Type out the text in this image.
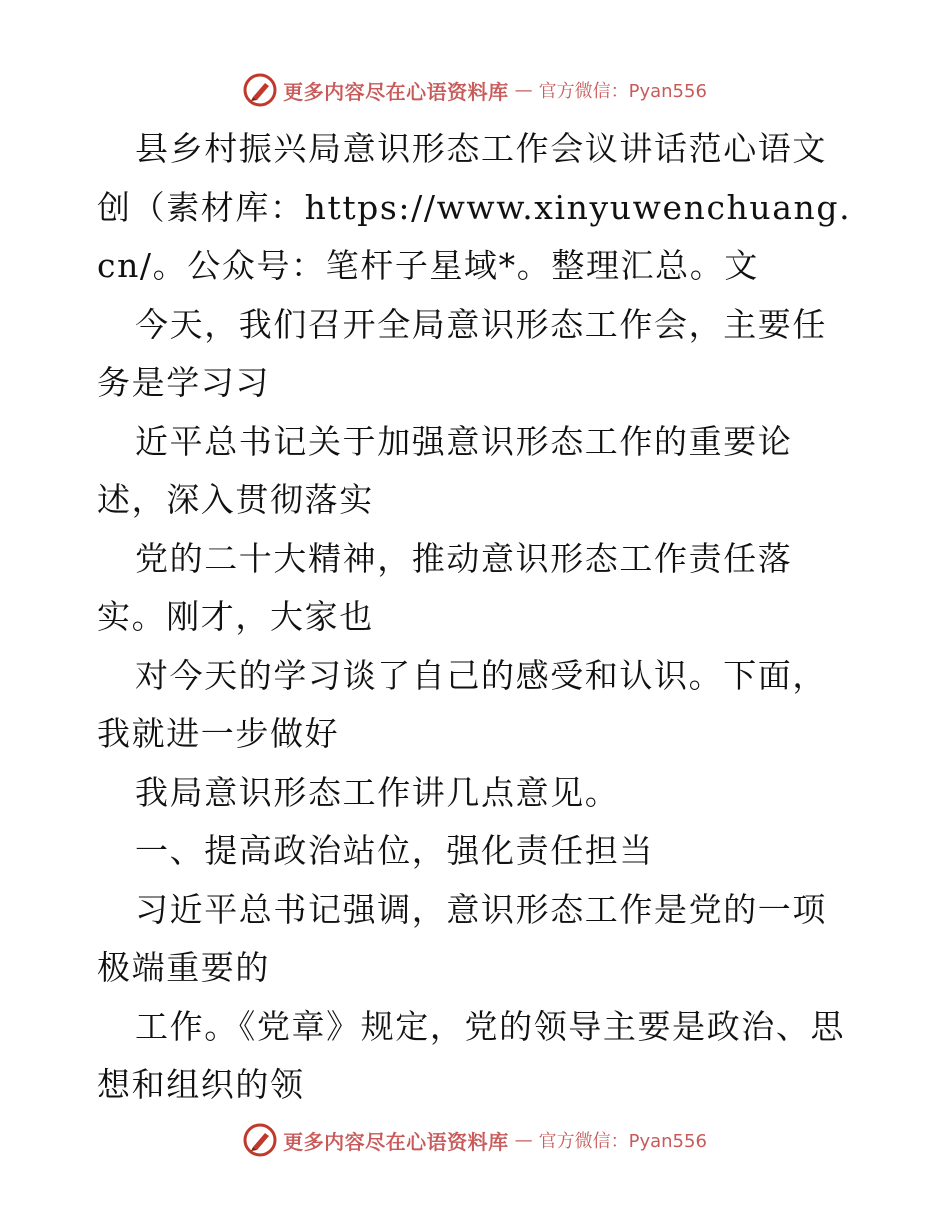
更多内容尽在心语资料库 — 官方微信：Pyan556

县乡村振兴局意识形态工作会议讲话范心语文创（素材库：https://www.xinyuwenchuang.cn/。公众号：笔杆子星域*。整理汇总。文

今天，我们召开全局意识形态工作会，主要任务是学习习

近平总书记关于加强意识形态工作的重要论述，深入贯彻落实

党的二十大精神，推动意识形态工作责任落实。刚才，大家也

对今天的学习谈了自己的感受和认识。下面，我就进一步做好

我局意识形态工作讲几点意见。

一、提高政治站位，强化责任担当

习近平总书记强调，意识形态工作是党的一项极端重要的

工作。《党章》规定，党的领导主要是政治、思想和组织的领

更多内容尽在心语资料库 — 官方微信：Pyan556
